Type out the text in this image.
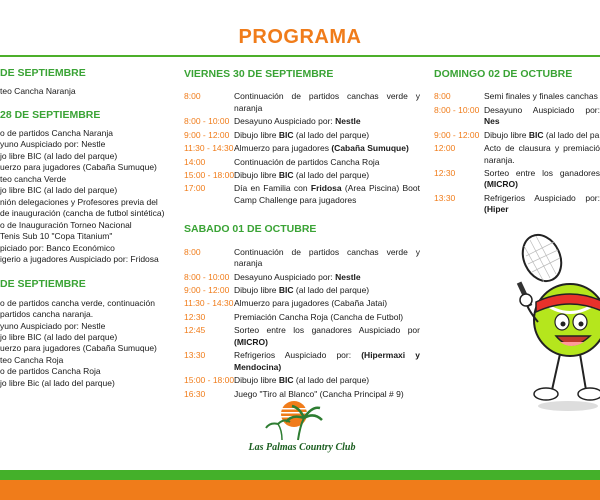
PROGRAMA
DE SEPTIEMBRE
teo Cancha Naranja
28 DE SEPTIEMBRE
o de partidos Cancha Naranja
yuno Auspiciado por: Nestle
jo libre BIC (al lado del parque)
uerzo para jugadores (Cabaña Sumuque)
teo cancha Verde
jo libre BIC (al lado del parque)
nión delegaciones y Profesores previa del
de inauguración (cancha de futbol sintética)
o de Inauguración Torneo Nacional
Tenis Sub 10 "Copa Titanium"
piciado por: Banco Económico
igerio a jugadores Auspiciado por: Fridosa
DE SEPTIEMBRE
o de partidos cancha verde, continuación
partidos cancha naranja.
yuno Auspiciado por: Nestle
jo libre BIC (al lado del parque)
uerzo para jugadores (Cabaña Sumuque)
teo Cancha Roja
o de partidos Cancha Roja
jo libre Bic (al lado del parque)
VIERNES 30 DE SEPTIEMBRE
8:00	Continuación de partidos canchas verde y naranja
8:00 - 10:00 Desayuno Auspiciado por: Nestle
9:00 - 12:00 Dibujo libre BIC (al lado del parque)
11:30 - 14:30 Almuerzo para jugadores (Cabaña Sumuque)
14:00	Continuación de partidos Cancha Roja
15:00 - 18:00 Dibujo libre BIC (al lado del parque)
17:00	Día en Familia con Fridosa (Area Piscina) Boot Camp Challenge para jugadores
SABADO 01 DE OCTUBRE
8:00	Continuación de partidos canchas verde y naranja
8:00 - 10:00 Desayuno Auspiciado por: Nestle
9:00 - 12:00 Dibujo libre BIC (al lado del parque)
11:30 - 14:30 Almuerzo para jugadores (Cabaña Jatai)
12:30	Premiación Cancha Roja (Cancha de Futbol)
12:45	Sorteo entre los ganadores Auspiciado por (MICRO)
13:30	Refrigerios Auspiciado por: (Hipermaxi y Mendocina)
15:00 - 18:00 Dibujo libre BIC (al lado del parque)
16:30	Juego "Tiro al Blanco" (Cancha Principal # 9)
DOMINGO 02 DE OCTUBRE
8:00	Semi finales y finales canchas
8:00 - 10:00 Desayuno Auspiciado por: Nes
9:00 - 12:00 Dibujo libre BIC (al lado del pa
12:00	Acto de clausura y premiació naranja.
12:30	Sorteo entre los ganadores (MICRO)
13:30	Refrigerios Auspiciado por: (Hiper
Las Palmas Country Club
